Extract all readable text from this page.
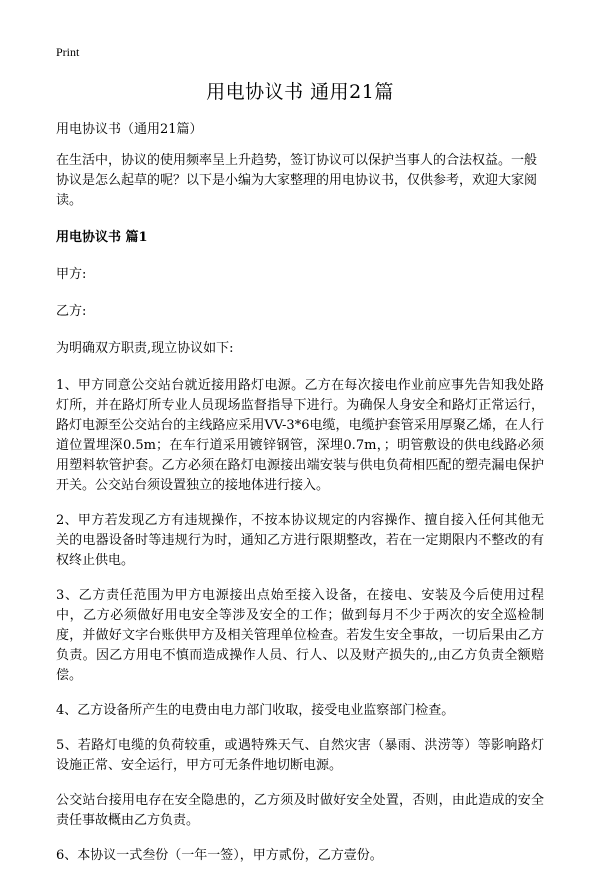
Print
用电协议书 通用21篇

用电协议书（通用21篇）

在生活中，协议的使用频率呈上升趋势，签订协议可以保护当事人的合法权益。一般协议是怎么起草的呢？以下是小编为大家整理的用电协议书，仅供参考，欢迎大家阅读。

用电协议书 篇1

甲方:

乙方:

为明确双方职责,现立协议如下:

1、甲方同意公交站台就近接用路灯电源。乙方在每次接电作业前应事先告知我处路灯所，并在路灯所专业人员现场监督指导下进行。为确保人身安全和路灯正常运行，路灯电源至公交站台的主线路应采用VV-3*6电缆，电缆护套管采用厚聚乙烯，在人行道位置埋深0.5m；在车行道采用镀锌钢管，深埋0.7m，；明管敷设的供电线路必须用塑料软管护套。乙方必须在路灯电源接出端安装与供电负荷相匹配的塑壳漏电保护开关。公交站台须设置独立的接地体进行接入。

2、甲方若发现乙方有违规操作，不按本协议规定的内容操作、擅自接入任何其他无关的电器设备时等违规行为时，通知乙方进行限期整改，若在一定期限内不整改的有权终止供电。

3、乙方责任范围为甲方电源接出点始至接入设备，在接电、安装及今后使用过程中，乙方必须做好用电安全等涉及安全的工作；做到每月不少于两次的安全巡检制度，并做好文字台账供甲方及相关管理单位检查。若发生安全事故，一切后果由乙方负责。因乙方用电不慎而造成操作人员、行人、以及财产损失的,,由乙方负责全额赔偿。

4、乙方设备所产生的电费由电力部门收取，接受电业监察部门检查。

5、若路灯电缆的负荷较重，或遇特殊天气、自然灾害（暴雨、洪涝等）等影响路灯设施正常、安全运行，甲方可无条件地切断电源。

公交站台接用电存在安全隐患的，乙方须及时做好安全处置，否则，由此造成的安全责任事故概由乙方负责。

6、本协议一式叁份（一年一签），甲方贰份，乙方壹份。
